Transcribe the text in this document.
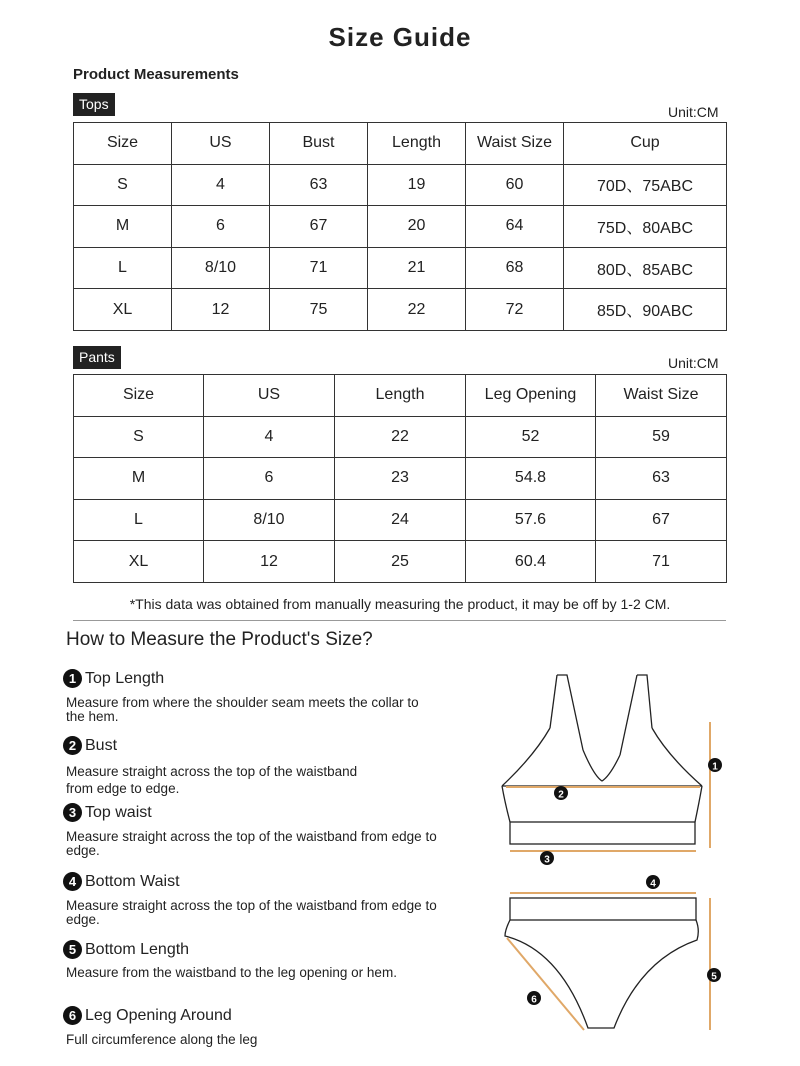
Size Guide
Product Measurements
Tops	Unit:CM
Size	US	Bust	Length	Waist Size	Cup
S	4	63	19	60	70D、75ABC
M	6	67	20	64	75D、80ABC
L	8/10	71	21	68	80D、85ABC
XL	12	75	22	72	85D、90ABC
Pants	Unit:CM
Size	US	Length	Leg Opening	Waist Size
S	4	22	52	59
M	6	23	54.8	63
L	8/10	24	57.6	67
XL	12	25	60.4	71
*This data was obtained from manually measuring the product, it may be off by 1-2 CM.
How to Measure the Product's Size?
1 Top Length
Measure from where the shoulder seam meets the collar to the hem.
2 Bust
Measure straight across the top of the waistband from edge to edge.
3 Top waist
Measure straight across the top of the waistband from edge to edge.
4 Bottom Waist
Measure straight across the top of the waistband from edge to edge.
5 Bottom Length
Measure from the waistband to the leg opening or hem.
6 Leg Opening Around
Full circumference along the leg
1
2
3
4
5
6
